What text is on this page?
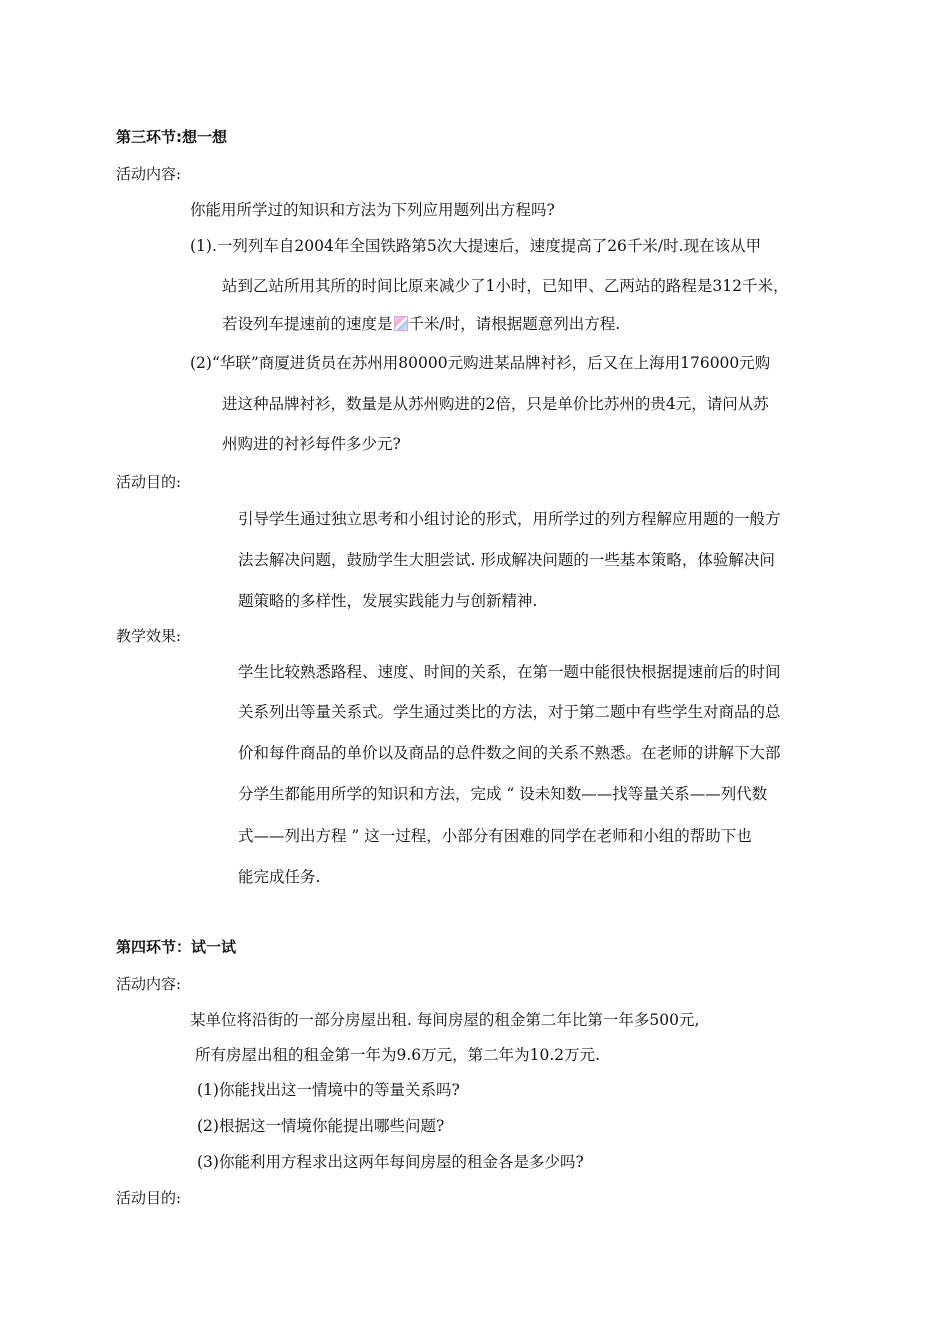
第三环节:想一想
活动内容:
你能用所学过的知识和方法为下列应用题列出方程吗?
(1).一列列车自2004年全国铁路第5次大提速后，速度提高了26千米/时.现在该从甲
站到乙站所用其所的时间比原来减少了1小时，已知甲、乙两站的路程是312千米，
若设列车提速前的速度是 千米/时，请根据题意列出方程.
(2)“华联”商厦进货员在苏州用80000元购进某品牌衬衫，后又在上海用176000元购
进这种品牌衬衫，数量是从苏州购进的2倍，只是单价比苏州的贵4元，请问从苏
州购进的衬衫每件多少元?
活动目的:
引导学生通过独立思考和小组讨论的形式，用所学过的列方程解应用题的一般方
法去解决问题，鼓励学生大胆尝试. 形成解决问题的一些基本策略，体验解决问
题策略的多样性，发展实践能力与创新精神.
教学效果:
学生比较熟悉路程、速度、时间的关系，在第一题中能很快根据提速前后的时间
关系列出等量关系式。学生通过类比的方法，对于第二题中有些学生对商品的总
价和每件商品的单价以及商品的总件数之间的关系不熟悉。在老师的讲解下大部
分学生都能用所学的知识和方法，完成 “ 设未知数——找等量关系——列代数
式——列出方程 ” 这一过程，小部分有困难的同学在老师和小组的帮助下也
能完成任务.
第四环节：试一试
活动内容:
某单位将沿街的一部分房屋出租. 每间房屋的租金第二年比第一年多500元,
所有房屋出租的租金第一年为9.6万元，第二年为10.2万元.
(1)你能找出这一情境中的等量关系吗?
(2)根据这一情境你能提出哪些问题?
(3)你能利用方程求出这两年每间房屋的租金各是多少吗?
活动目的:
